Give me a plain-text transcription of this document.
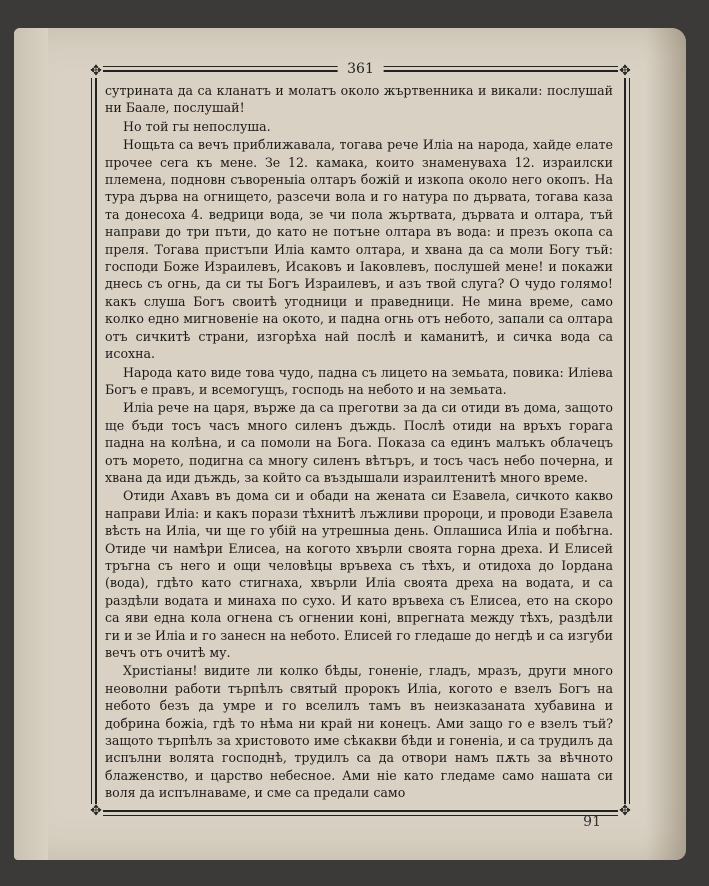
✥	✥
✥	✥
361

сутрината да са кланатъ и молатъ около жъртвенника и викали: послушай ни Баале, послушай!

Но той гы непослуша.

Нощьта са вечъ приближавала, тогава рече Иліа на народа, хайде елате прочее сега къ мене. Зе 12. камака, които знаменуваха 12. израилски племена, подновн съвореныіа олтаръ божій и изкопа около него окопъ. На тура дърва на огнището, разсечи вола и го натура по дървата, тогава каза та донесоха 4. ведрици вода, зе чи пола жъртвата, дървата и олтара, тъй направи до три пъти, до като не потъне олтара въ вода: и презъ окопа са преля. Тогава пристъпи Иліа камто олтара, и хвана да са моли Богу тъй: господи Боже Израилевъ, Исаковъ и Іаковлевъ, послушей мене! и покажи днесь съ огнь, да си ты Богъ Израилевъ, и азъ твой слуга? О чудо голямо! какъ слуша Богъ своитѣ угодници и праведници. Не мина време, само колко едно мигновеніе на окото, и падна огнь отъ небото, запали са олтара отъ сичкитѣ страни, изгорѣха най послѣ и каманитѣ, и сичка вода са исохна.

Народа като виде това чудо, падна съ лицето на земьата, повика: Иліева Богъ е правъ, и всемогущъ, господь на небото и на земьата.

Иліа рече на царя, върже да са преготви за да си отиди въ дома, защото ще бъди тосъ часъ много силенъ дъждь. Послѣ отиди на връхъ горага падна на колѣна, и са помоли на Бога. Показа са единъ малъкъ облачецъ отъ морето, подигна са многу силенъ вѣтъръ, и тосъ часъ небо почерна, и хвана да иди дъждь, за който са въздышали израилтенитѣ много време.

Отиди Ахавъ въ дома си и обади на жената си Езавела, сичкото какво направи Иліа: и какъ порази тѣхнитѣ лъжливи пророци, и проводи Езавела вѣсть на Иліа, чи ще го убій на утрешныа день. Оплашиса Иліа и побѣгна. Отиде чи намѣри Елисеа, на когото хвърли своята горна дреха. И Елисей тръгна съ него и ощи человѣцы връвеха съ тѣхъ, и отидоха до Іордана (вода), гдѣто като стигнаха, хвърли Иліа своята дреха на водата, и са раздѣли водата и минаха по сухо. И като връвеха съ Елисеа, ето на скоро са яви една кола огнена съ огнении коні, впрегната между тѣхъ, раздѣли ги и зе Иліа и го занесн на небото. Елисей го гледаше до негдѣ и са изгуби вечъ отъ очитѣ му.

Христіаны! видите ли колко бѣды, гоненіе, гладъ, мразъ, други много неоволни работи търпѣлъ святый пророкъ Иліа, когото е взелъ Богъ на небото безъ да умре и го вселилъ тамъ въ неизказаната хубавина и добрина божіа, гдѣ то нѣма ни край ни конецъ. Ами защо го е взелъ тъй? защото търпѣлъ за христовото име сѣкакви бѣди и гоненіа, и са трудилъ да испълни волята господнѣ, трудилъ са да отвори намъ пѫть за вѣчното блаженство, и царство небесное. Ами ніе като гледаме само нашата си воля да испълнаваме, и сме са предали само

91
